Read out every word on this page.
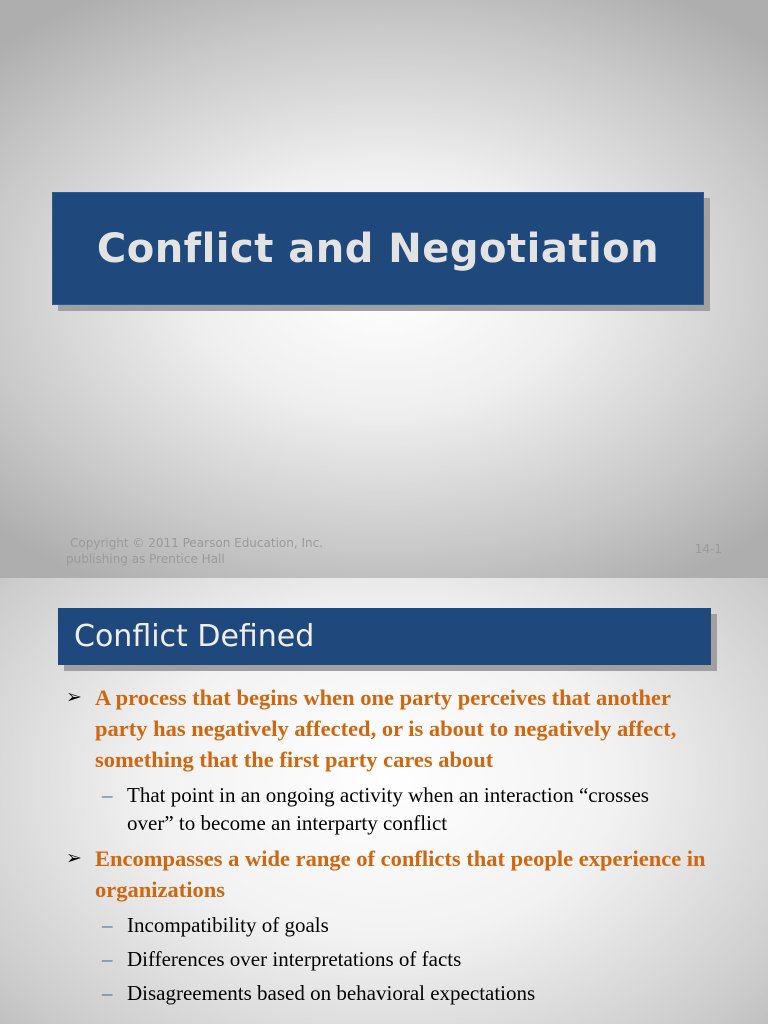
Conflict and Negotiation
Copyright © 2011 Pearson Education, Inc.
publishing as Prentice Hall
14-1
Conflict Defined
➢ A process that begins when one party perceives that another party has negatively affected, or is about to negatively affect, something that the first party cares about
– That point in an ongoing activity when an interaction “crosses over” to become an interparty conflict
➢ Encompasses a wide range of conflicts that people experience in organizations
– Incompatibility of goals
– Differences over interpretations of facts
– Disagreements based on behavioral expectations
